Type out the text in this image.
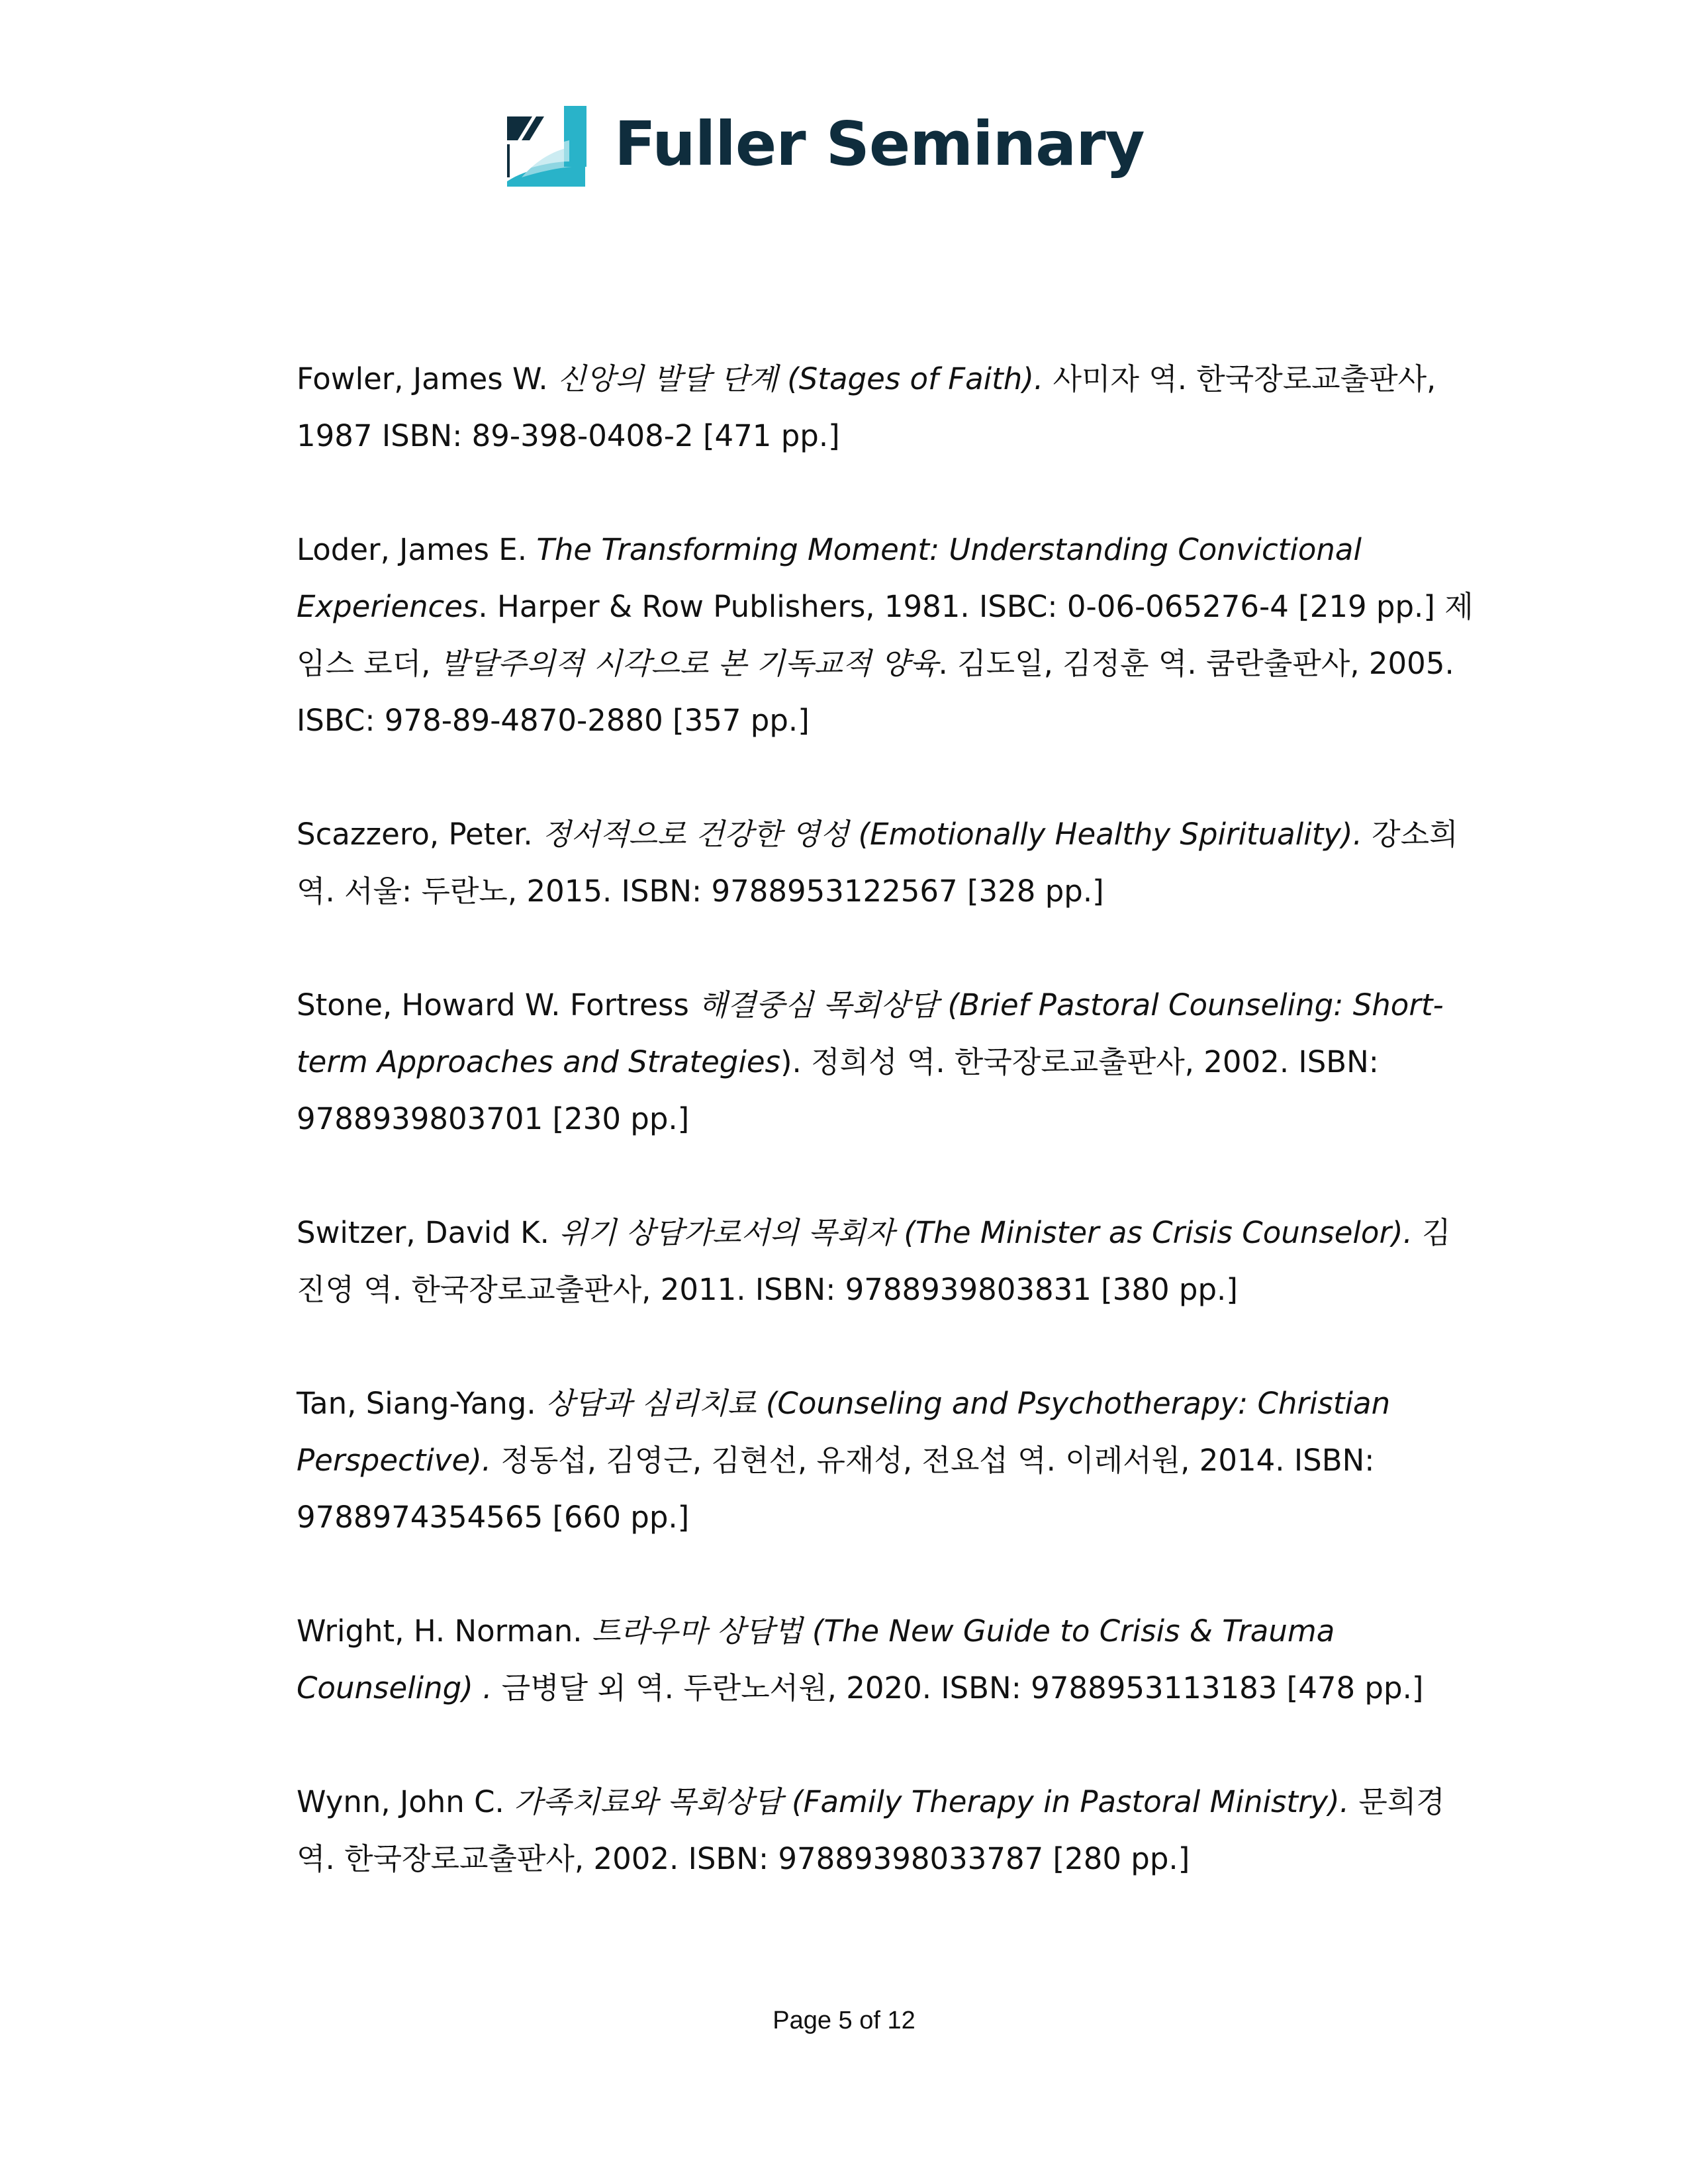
Fuller Seminary

Fowler, James W. 신앙의 발달 단계 (Stages of Faith). 사미자 역. 한국장로교출판사, 1987 ISBN: 89-398-0408-2 [471 pp.]

Loder, James E. The Transforming Moment: Understanding Convictional Experiences. Harper & Row Publishers, 1981. ISBC: 0-06-065276-4 [219 pp.] 제임스 로더, 발달주의적 시각으로 본 기독교적 양육. 김도일, 김정훈 역. 쿰란출판사, 2005. ISBC: 978-89-4870-2880 [357 pp.]

Scazzero, Peter. 정서적으로 건강한 영성 (Emotionally Healthy Spirituality). 강소희 역. 서울: 두란노, 2015. ISBN: 9788953122567 [328 pp.]

Stone, Howard W. Fortress 해결중심 목회상담 (Brief Pastoral Counseling: Short-term Approaches and Strategies). 정희성 역. 한국장로교출판사, 2002. ISBN: 9788939803701 [230 pp.]

Switzer, David K. 위기 상담가로서의 목회자 (The Minister as Crisis Counselor). 김진영 역. 한국장로교출판사, 2011. ISBN: 9788939803831 [380 pp.]

Tan, Siang-Yang. 상담과 심리치료 (Counseling and Psychotherapy: Christian Perspective). 정동섭, 김영근, 김현선, 유재성, 전요섭 역. 이레서원, 2014. ISBN: 9788974354565 [660 pp.]

Wright, H. Norman. 트라우마 상담법 (The New Guide to Crisis & Trauma Counseling) . 금병달 외 역. 두란노서원, 2020. ISBN: 9788953113183 [478 pp.]

Wynn, John C. 가족치료와 목회상담 (Family Therapy in Pastoral Ministry). 문희경 역. 한국장로교출판사, 2002. ISBN: 97889398033787 [280 pp.]

Page 5 of 12
